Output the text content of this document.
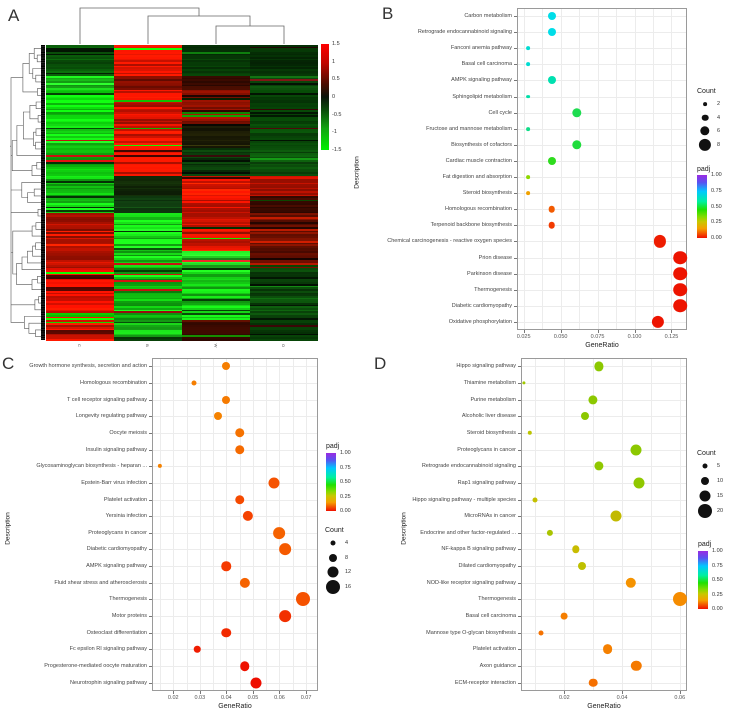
A
1.5
1
0.5
0
-0.5
-1
-1.5
C	B	W	O
B	Carbon metabolism
Retrograde endocannabinoid signaling
Fanconi anemia pathway
Basal cell carcinoma
AMPK signaling pathway
Sphingolipid metabolism
Cell cycle
Fructose and mannose metabolism
Biosynthesis of cofactors
Cardiac muscle contraction
Fat digestion and absorption
Steroid biosynthesis
Homologous recombination
Terpenoid backbone biosynthesis
Chemical carcinogenesis - reactive oxygen species
Prion disease
Parkinson disease
Thermogenesis
Diabetic cardiomyopathy
Oxidative phosphorylation
0.025	0.050	0.075	0.100	0.125
GeneRatio
Description
Count
2
4
6
8
padj
1.00
0.75
0.50
0.25
0.00
C	Growth hormone synthesis, secretion and action
Homologous recombination
T cell receptor signaling pathway
Longevity regulating pathway
Oocyte meiosis
Insulin signaling pathway
Glycosaminoglycan biosynthesis - heparan ...
Epstein-Barr virus infection
Platelet activation
Yersinia infection
Proteoglycans in cancer
Diabetic cardiomyopathy
AMPK signaling pathway
Fluid shear stress and atherosclerosis
Thermogenesis
Motor proteins
Osteoclast differentiation
Fc epsilon RI signaling pathway
Progesterone-mediated oocyte maturation
Neurotrophin signaling pathway
0.02	0.03	0.04	0.05	0.06	0.07
GeneRatio
Description	Count
4
8
12
16
padj
1.00
0.75
0.50
0.25
0.00
D	Hippo signaling pathway
Thiamine metabolism
Purine metabolism
Alcoholic liver disease
Steroid biosynthesis
Proteoglycans in cancer
Retrograde endocannabinoid signaling
Rap1 signaling pathway
Hippo signaling pathway - multiple species
MicroRNAs in cancer
Endocrine and other factor-regulated ...
NF-kappa B signaling pathway
Dilated cardiomyopathy
NOD-like receptor signaling pathway
Thermogenesis
Basal cell carcinoma
Mannose type O-glycan biosynthesis
Platelet activation
Axon guidance
ECM-receptor interaction
0.02	0.04	0.06
GeneRatio
Description
Count
5
10
15
20
padj
1.00
0.75
0.50
0.25
0.00
